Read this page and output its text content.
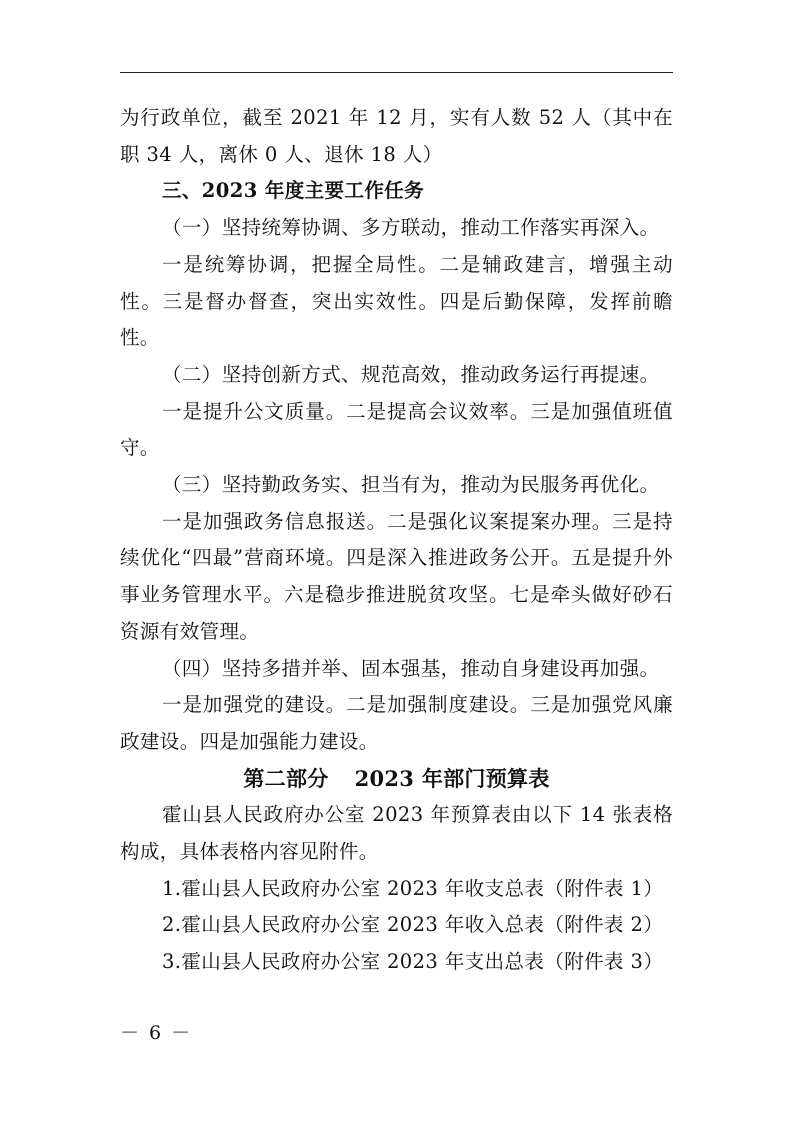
为行政单位，截至 2021 年 12 月，实有人数 52 人（其中在职 34 人，离休 0 人、退休 18 人）

三、2023 年度主要工作任务

（一）坚持统筹协调、多方联动，推动工作落实再深入。

一是统筹协调，把握全局性。二是辅政建言，增强主动性。三是督办督查，突出实效性。四是后勤保障，发挥前瞻性。

（二）坚持创新方式、规范高效，推动政务运行再提速。

一是提升公文质量。二是提高会议效率。三是加强值班值守。

（三）坚持勤政务实、担当有为，推动为民服务再优化。

一是加强政务信息报送。二是强化议案提案办理。三是持续优化“四最”营商环境。四是深入推进政务公开。五是提升外事业务管理水平。六是稳步推进脱贫攻坚。七是牵头做好砂石资源有效管理。

（四）坚持多措并举、固本强基，推动自身建设再加强。

一是加强党的建设。二是加强制度建设。三是加强党风廉政建设。四是加强能力建设。

第二部分 2023 年部门预算表

霍山县人民政府办公室 2023 年预算表由以下 14 张表格构成，具体表格内容见附件。

1.霍山县人民政府办公室 2023 年收支总表（附件表 1）

2.霍山县人民政府办公室 2023 年收入总表（附件表 2）

3.霍山县人民政府办公室 2023 年支出总表（附件表 3）

－ 6 －
